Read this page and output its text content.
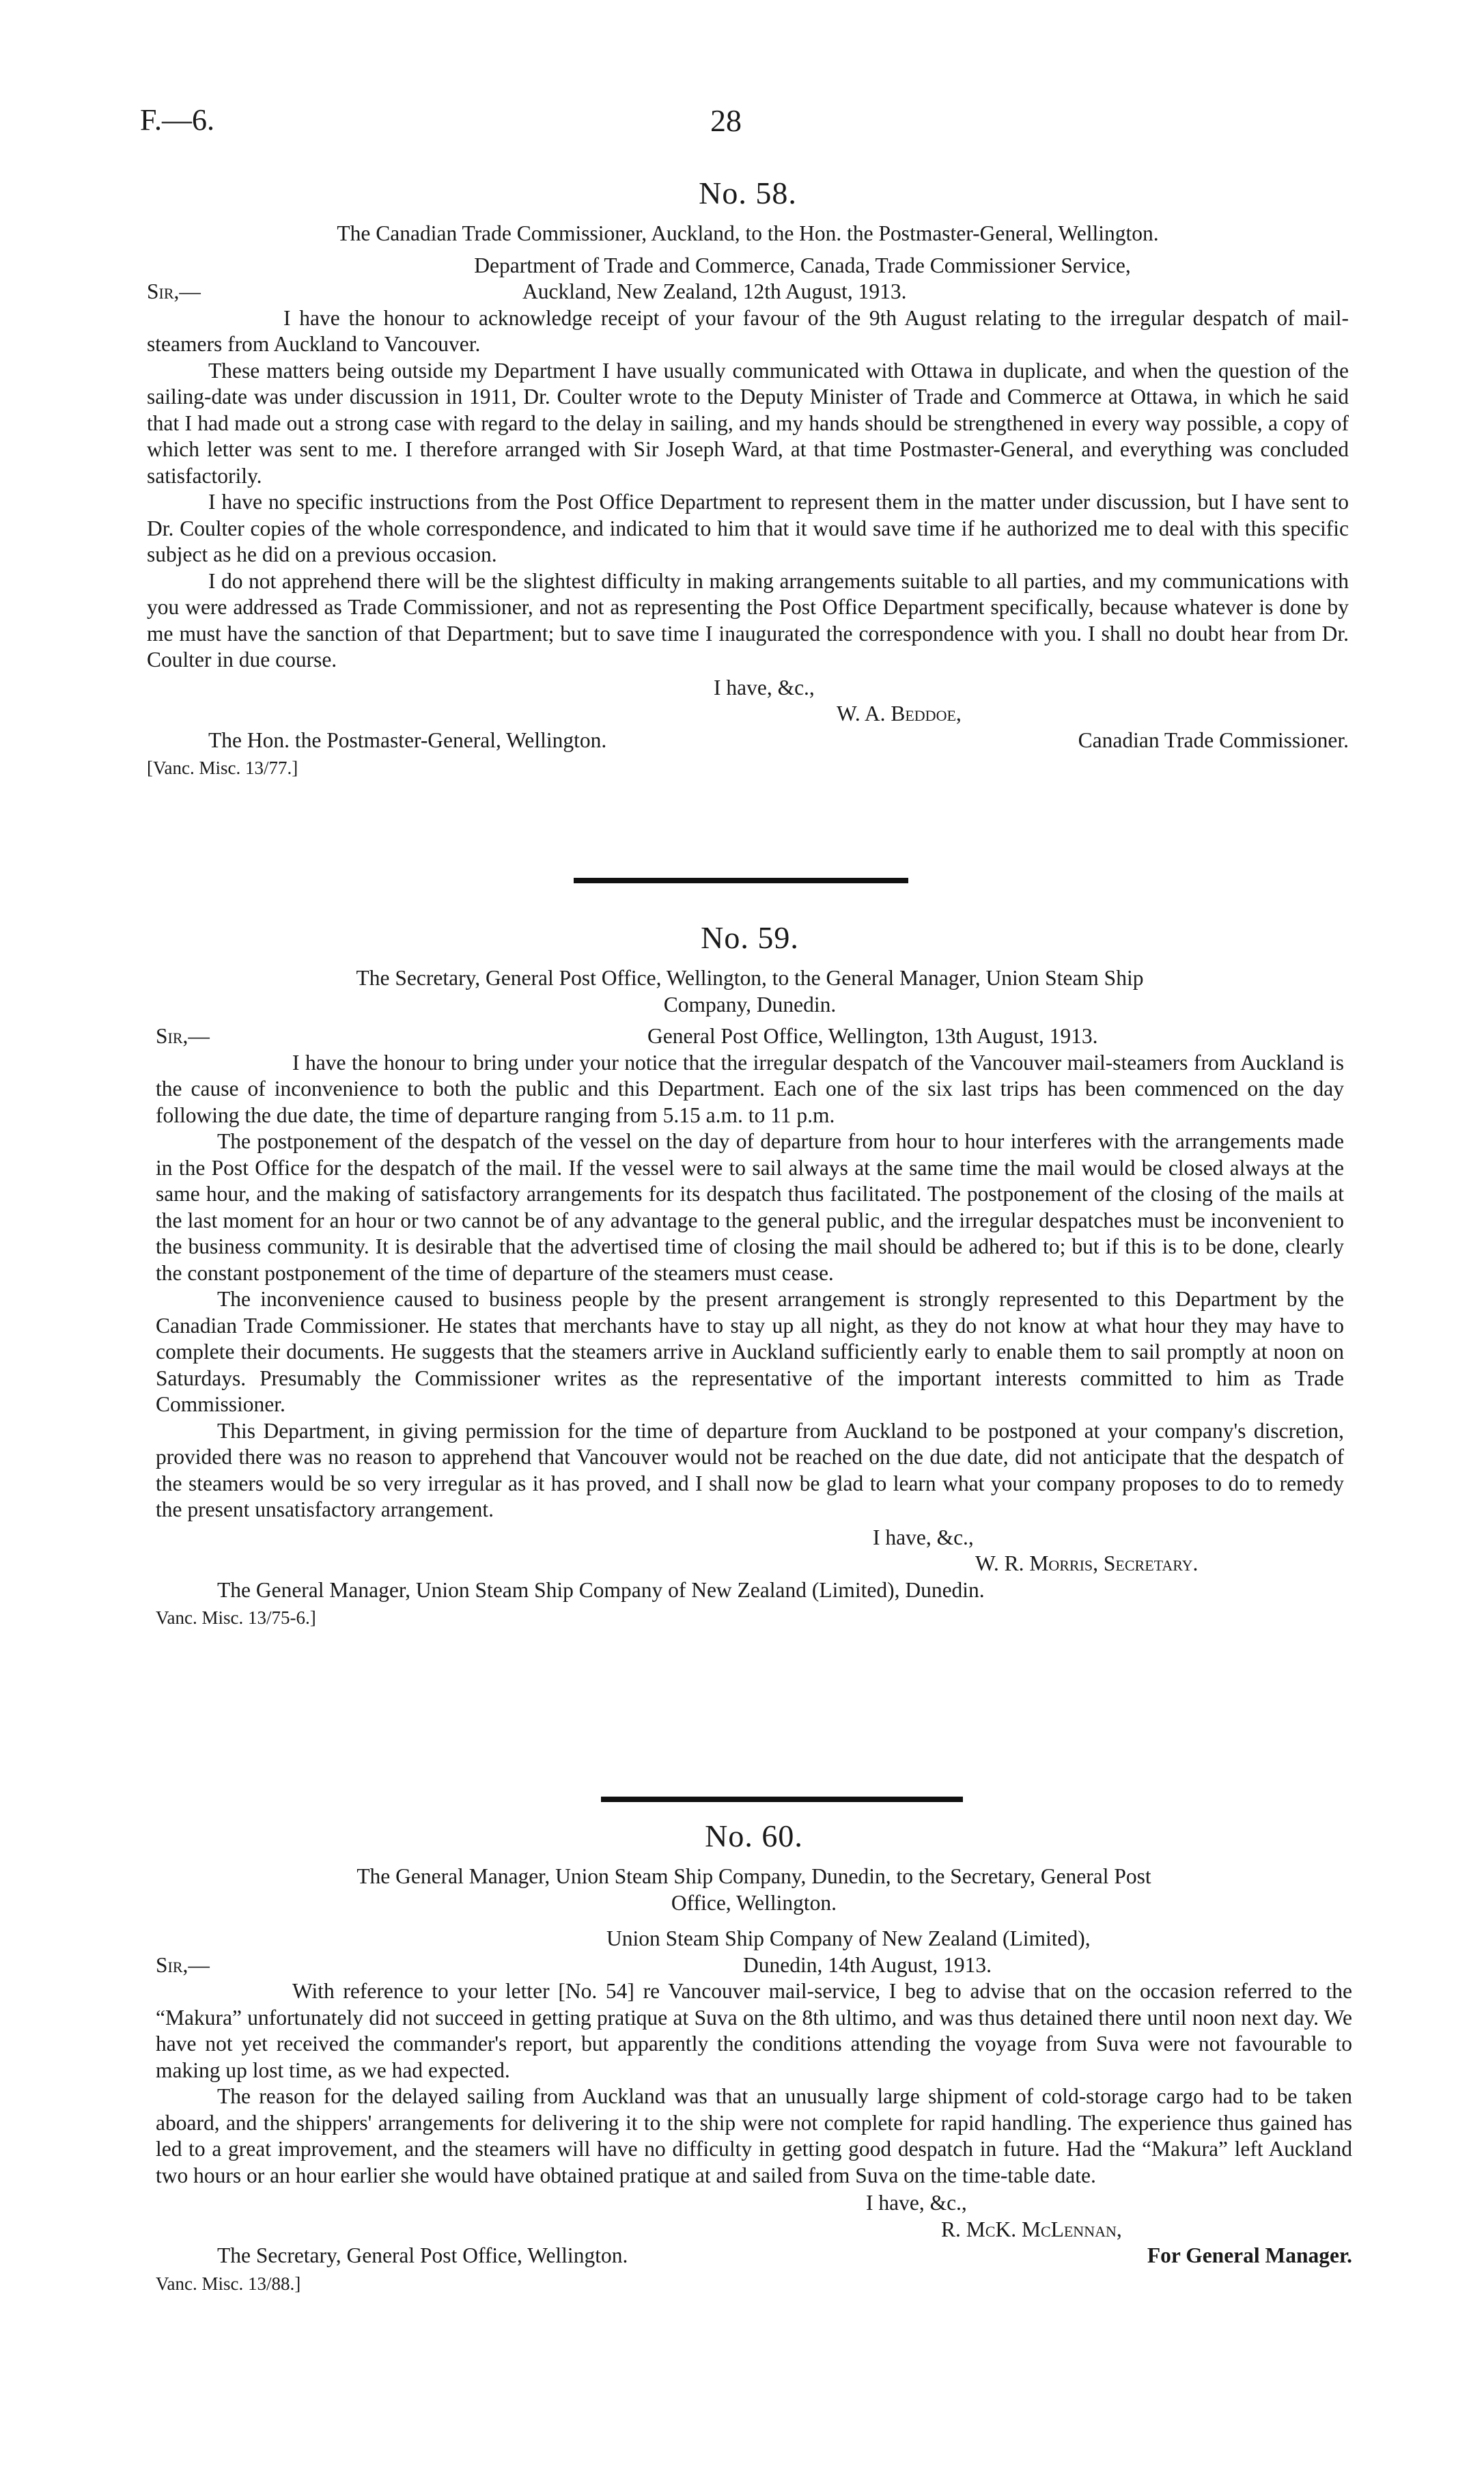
F.—6.	28
No. 58.
The Canadian Trade Commissioner, Auckland, to the Hon. the Postmaster-General, Wellington.
Department of Trade and Commerce, Canada, Trade Commissioner Service,
Sir,—	Auckland, New Zealand, 12th August, 1913.

I have the honour to acknowledge receipt of your favour of the 9th August relating to the irregular despatch of mail-steamers from Auckland to Vancouver.

These matters being outside my Department I have usually communicated with Ottawa in duplicate, and when the question of the sailing-date was under discussion in 1911, Dr. Coulter wrote to the Deputy Minister of Trade and Commerce at Ottawa, in which he said that I had made out a strong case with regard to the delay in sailing, and my hands should be strengthened in every way possible, a copy of which letter was sent to me. I therefore arranged with Sir Joseph Ward, at that time Postmaster-General, and everything was concluded satisfactorily.

I have no specific instructions from the Post Office Department to represent them in the matter under discussion, but I have sent to Dr. Coulter copies of the whole correspondence, and indicated to him that it would save time if he authorized me to deal with this specific subject as he did on a previous occasion.

I do not apprehend there will be the slightest difficulty in making arrangements suitable to all parties, and my communications with you were addressed as Trade Commissioner, and not as representing the Post Office Department specifically, because whatever is done by me must have the sanction of that Department; but to save time I inaugurated the correspondence with you. I shall no doubt hear from Dr. Coulter in due course.

I have, &c.,
W. A. Beddoe,
The Hon. the Postmaster-General, Wellington.	Canadian Trade Commissioner.
[Vanc. Misc. 13/77.]
No. 59.
The Secretary, General Post Office, Wellington, to the General Manager, Union Steam Ship
Company, Dunedin.
Sir,—	General Post Office, Wellington, 13th August, 1913.

I have the honour to bring under your notice that the irregular despatch of the Vancouver mail-steamers from Auckland is the cause of inconvenience to both the public and this Department. Each one of the six last trips has been commenced on the day following the due date, the time of departure ranging from 5.15 a.m. to 11 p.m.

The postponement of the despatch of the vessel on the day of departure from hour to hour interferes with the arrangements made in the Post Office for the despatch of the mail. If the vessel were to sail always at the same time the mail would be closed always at the same hour, and the making of satisfactory arrangements for its despatch thus facilitated. The postponement of the closing of the mails at the last moment for an hour or two cannot be of any advantage to the general public, and the irregular despatches must be inconvenient to the business community. It is desirable that the advertised time of closing the mail should be adhered to; but if this is to be done, clearly the constant postponement of the time of departure of the steamers must cease.

The inconvenience caused to business people by the present arrangement is strongly represented to this Department by the Canadian Trade Commissioner. He states that merchants have to stay up all night, as they do not know at what hour they may have to complete their documents. He suggests that the steamers arrive in Auckland sufficiently early to enable them to sail promptly at noon on Saturdays. Presumably the Commissioner writes as the representative of the important interests committed to him as Trade Commissioner.

This Department, in giving permission for the time of departure from Auckland to be postponed at your company's discretion, provided there was no reason to apprehend that Vancouver would not be reached on the due date, did not anticipate that the despatch of the steamers would be so very irregular as it has proved, and I shall now be glad to learn what your company proposes to do to remedy the present unsatisfactory arrangement.

I have, &c.,
W. R. Morris, Secretary.
The General Manager, Union Steam Ship Company of New Zealand (Limited), Dunedin.
Vanc. Misc. 13/75-6.]
No. 60.
The General Manager, Union Steam Ship Company, Dunedin, to the Secretary, General Post
Office, Wellington.
Union Steam Ship Company of New Zealand (Limited),
Sir,—	Dunedin, 14th August, 1913.

With reference to your letter [No. 54] re Vancouver mail-service, I beg to advise that on the occasion referred to the “Makura” unfortunately did not succeed in getting pratique at Suva on the 8th ultimo, and was thus detained there until noon next day. We have not yet received the commander's report, but apparently the conditions attending the voyage from Suva were not favourable to making up lost time, as we had expected.

The reason for the delayed sailing from Auckland was that an unusually large shipment of cold-storage cargo had to be taken aboard, and the shippers' arrangements for delivering it to the ship were not complete for rapid handling. The experience thus gained has led to a great improvement, and the steamers will have no difficulty in getting good despatch in future. Had the “Makura” left Auckland two hours or an hour earlier she would have obtained pratique at and sailed from Suva on the time-table date.

I have, &c.,
R. McK. McLennan,
The Secretary, General Post Office, Wellington.	For General Manager.
Vanc. Misc. 13/88.]
